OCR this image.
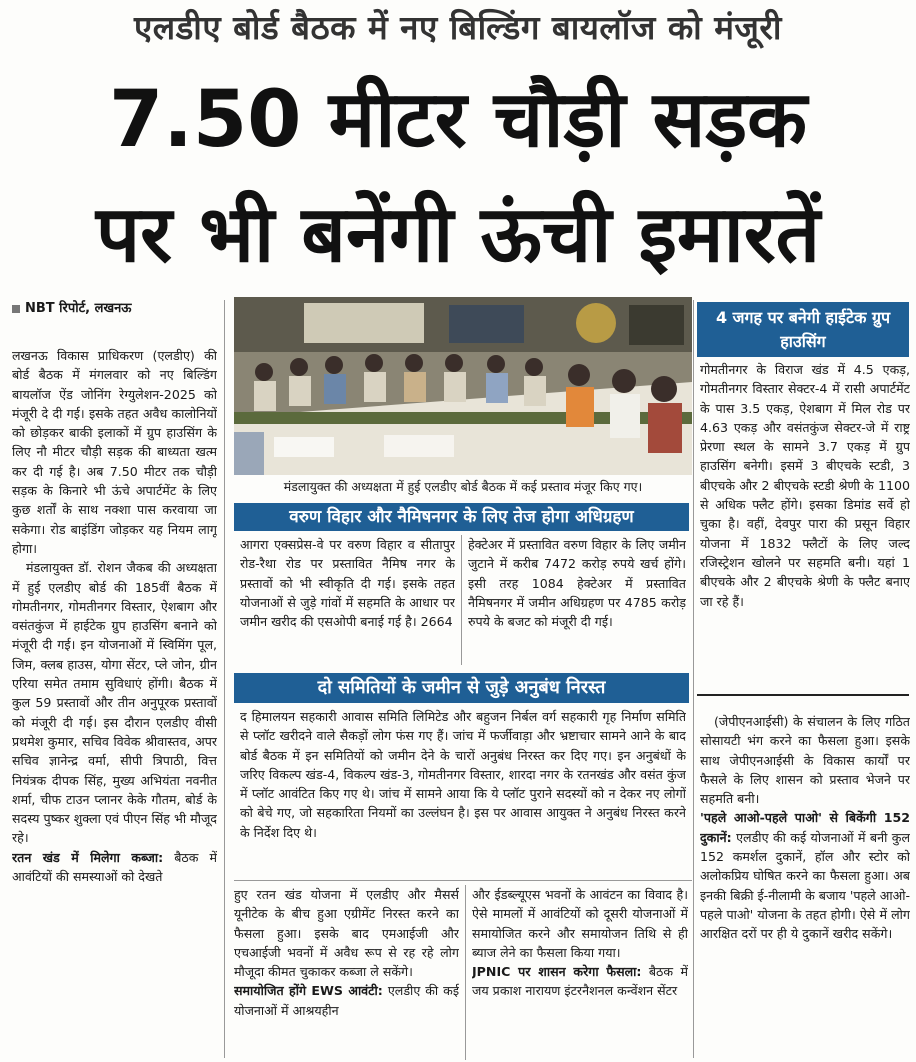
एलडीए बोर्ड बैठक में नए बिल्डिंग बायलॉज को मंजूरी
7.50 मीटर चौड़ी सड़क
पर भी बनेंगी ऊंची इमारतें
NBT रिपोर्ट, लखनऊ

लखनऊ विकास प्राधिकरण (एलडीए) की बोर्ड बैठक में मंगलवार को नए बिल्डिंग बायलॉज ऐंड जोनिंग रेग्युलेशन-2025 को मंजूरी दे दी गई। इसके तहत अवैध कालोनियों को छोड़कर बाकी इलाकों में ग्रुप हाउसिंग के लिए नौ मीटर चौड़ी सड़क की बाध्यता खत्म कर दी गई है। अब 7.50 मीटर तक चौड़ी सड़क के किनारे भी ऊंचे अपार्टमेंट के लिए कुछ शर्तों के साथ नक्शा पास करवाया जा सकेगा। रोड बाइंडिंग जोड़कर यह नियम लागू होगा।

मंडलायुक्त डॉ. रोशन जैकब की अध्यक्षता में हुई एलडीए बोर्ड की 185वीं बैठक में गोमतीनगर, गोमतीनगर विस्तार, ऐशबाग और वसंतकुंज में हाईटेक ग्रुप हाउसिंग बनाने को मंजूरी दी गई। इन योजनाओं में स्विमिंग पूल, जिम, क्लब हाउस, योगा सेंटर, प्ले जोन, ग्रीन एरिया समेत तमाम सुविधाएं होंगी। बैठक में कुल 59 प्रस्तावों और तीन अनुपूरक प्रस्तावों को मंजूरी दी गई। इस दौरान एलडीए वीसी प्रथमेश कुमार, सचिव विवेक श्रीवास्तव, अपर सचिव ज्ञानेन्द्र वर्मा, सीपी त्रिपाठी, वित्त नियंत्रक दीपक सिंह, मुख्य अभियंता नवनीत शर्मा, चीफ टाउन प्लानर केके गौतम, बोर्ड के सदस्य पुष्कर शुक्ला एवं पीएन सिंह भी मौजूद रहे।

रतन खंड में मिलेगा कब्जा: बैठक में आवंटियों की समस्याओं को देखते

मंडलायुक्त की अध्यक्षता में हुई एलडीए बोर्ड बैठक में कई प्रस्ताव मंजूर किए गए।
वरुण विहार और नैमिषनगर के लिए तेज होगा अधिग्रहण
आगरा एक्सप्रेस-वे पर वरुण विहार व सीतापुर रोड-रैथा रोड पर प्रस्तावित नैमिष नगर के प्रस्तावों को भी स्वीकृति दी गई। इसके तहत योजनाओं से जुड़े गांवों में सहमति के आधार पर जमीन खरीद की एसओपी बनाई गई है। 2664
हेक्टेअर में प्रस्तावित वरुण विहार के लिए जमीन जुटाने में करीब 7472 करोड़ रुपये खर्च होंगे। इसी तरह 1084 हेक्टेअर में प्रस्तावित नैमिषनगर में जमीन अधिग्रहण पर 4785 करोड़ रुपये के बजट को मंजूरी दी गई।
दो समितियों के जमीन से जुड़े अनुबंध निरस्त
द हिमालयन सहकारी आवास समिति लिमिटेड और बहुजन निर्बल वर्ग सहकारी गृह निर्माण समिति से प्लॉट खरीदने वाले सैकड़ों लोग फंस गए हैं। जांच में फर्जीवाड़ा और भ्रष्टाचार सामने आने के बाद बोर्ड बैठक में इन समितियों को जमीन देने के चारों अनुबंध निरस्त कर दिए गए। इन अनुबंधों के जरिए विकल्प खंड-4, विकल्प खंड-3, गोमतीनगर विस्तार, शारदा नगर के रतनखंड और वसंत कुंज में प्लॉट आवंटित किए गए थे। जांच में सामने आया कि ये प्लॉट पुराने सदस्यों को न देकर नए लोगों को बेचे गए, जो सहकारिता नियमों का उल्लंघन है। इस पर आवास आयुक्त ने अनुबंध निरस्त करने के निर्देश दिए थे।

हुए रतन खंड योजना में एलडीए और मैसर्स यूनीटेक के बीच हुआ एग्रीमेंट निरस्त करने का फैसला हुआ। इसके बाद एमआईजी और एचआईजी भवनों में अवैध रूप से रह रहे लोग मौजूदा कीमत चुकाकर कब्जा ले सकेंगे।

समायोजित होंगे EWS आवंटी: एलडीए की कई योजनाओं में आश्रयहीन

और ईडब्ल्यूएस भवनों के आवंटन का विवाद है। ऐसे मामलों में आवंटियों को दूसरी योजनाओं में समायोजित करने और समायोजन तिथि से ही ब्याज लेने का फैसला किया गया।

JPNIC पर शासन करेगा फैसला: बैठक में जय प्रकाश नारायण इंटरनैशनल कन्वेंशन सेंटर

4 जगह पर बनेगी हाईटेक ग्रुप हाउसिंग
गोमतीनगर के विराज खंड में 4.5 एकड़, गोमतीनगर विस्तार सेक्टर-4 में रासी अपार्टमेंट के पास 3.5 एकड़, ऐशबाग में मिल रोड पर 4.63 एकड़ और वसंतकुंज सेक्टर-जे में राष्ट्र प्रेरणा स्थल के सामने 3.7 एकड़ में ग्रुप हाउसिंग बनेगी। इसमें 3 बीएचके स्टडी, 3 बीएचके और 2 बीएचके स्टडी श्रेणी के 1100 से अधिक फ्लैट होंगे। इसका डिमांड सर्वे हो चुका है। वहीं, देवपुर पारा की प्रसून विहार योजना में 1832 फ्लैटों के लिए जल्द रजिस्ट्रेशन खोलने पर सहमति बनी। यहां 1 बीएचके और 2 बीएचके श्रेणी के फ्लैट बनाए जा रहे हैं।

(जेपीएनआईसी) के संचालन के लिए गठित सोसायटी भंग करने का फैसला हुआ। इसके साथ जेपीएनआईसी के विकास कार्यों पर फैसले के लिए शासन को प्रस्ताव भेजने पर सहमति बनी।

'पहले आओ-पहले पाओ' से बिकेंगी 152 दुकानें: एलडीए की कई योजनाओं में बनी कुल 152 कमर्शल दुकानें, हॉल और स्टोर को अलोकप्रिय घोषित करने का फैसला हुआ। अब इनकी बिक्री ई-नीलामी के बजाय 'पहले आओ-पहले पाओ' योजना के तहत होगी। ऐसे में लोग आरक्षित दरों पर ही ये दुकानें खरीद सकेंगे।
